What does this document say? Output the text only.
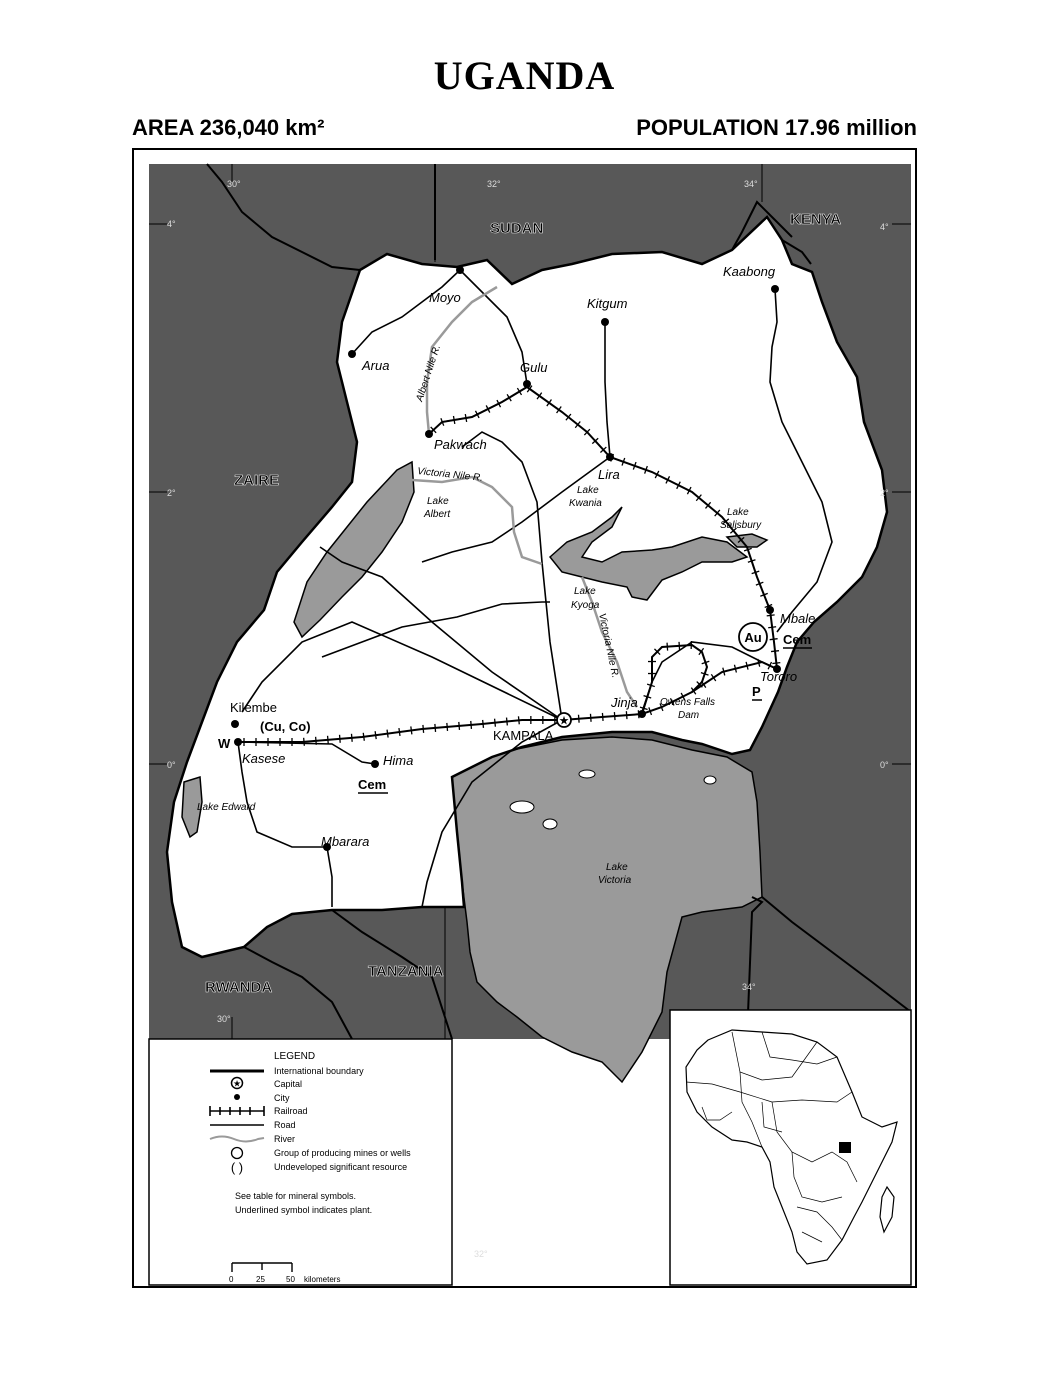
UGANDA
AREA 236,040 km²	POPULATION 17.96 million
★
SUDAN
KENYA
ZAIRE
RWANDA
TANZANIA
30°	32°	34°
4°	4°
2°	2°
0°	0°
30°
32°
34°
Moyo
Arua
Kitgum
Kaabong
Gulu
Pakwach
Lira
Mbale
Tororo
Jinja
KAMPALA
Kilembe
Kasese	Hima
Mbarara
Albert Nile R.
Victoria Nile R.
Victoria Nile R.
Lake
Albert
Lake
Kwania
Lake
Salisbury
Lake
Kyoga
Owens Falls
Dam
Lake Edward
Lake
Victoria
(Cu, Co)
W
Au Cem
Cem
P
LEGEND
★
( )
International boundary
Capital
City
Railroad
Road
River
Group of producing mines or wells
Undeveloped significant resource
See table for mineral symbols.
Underlined symbol indicates plant.
0	25	50 kilometers
